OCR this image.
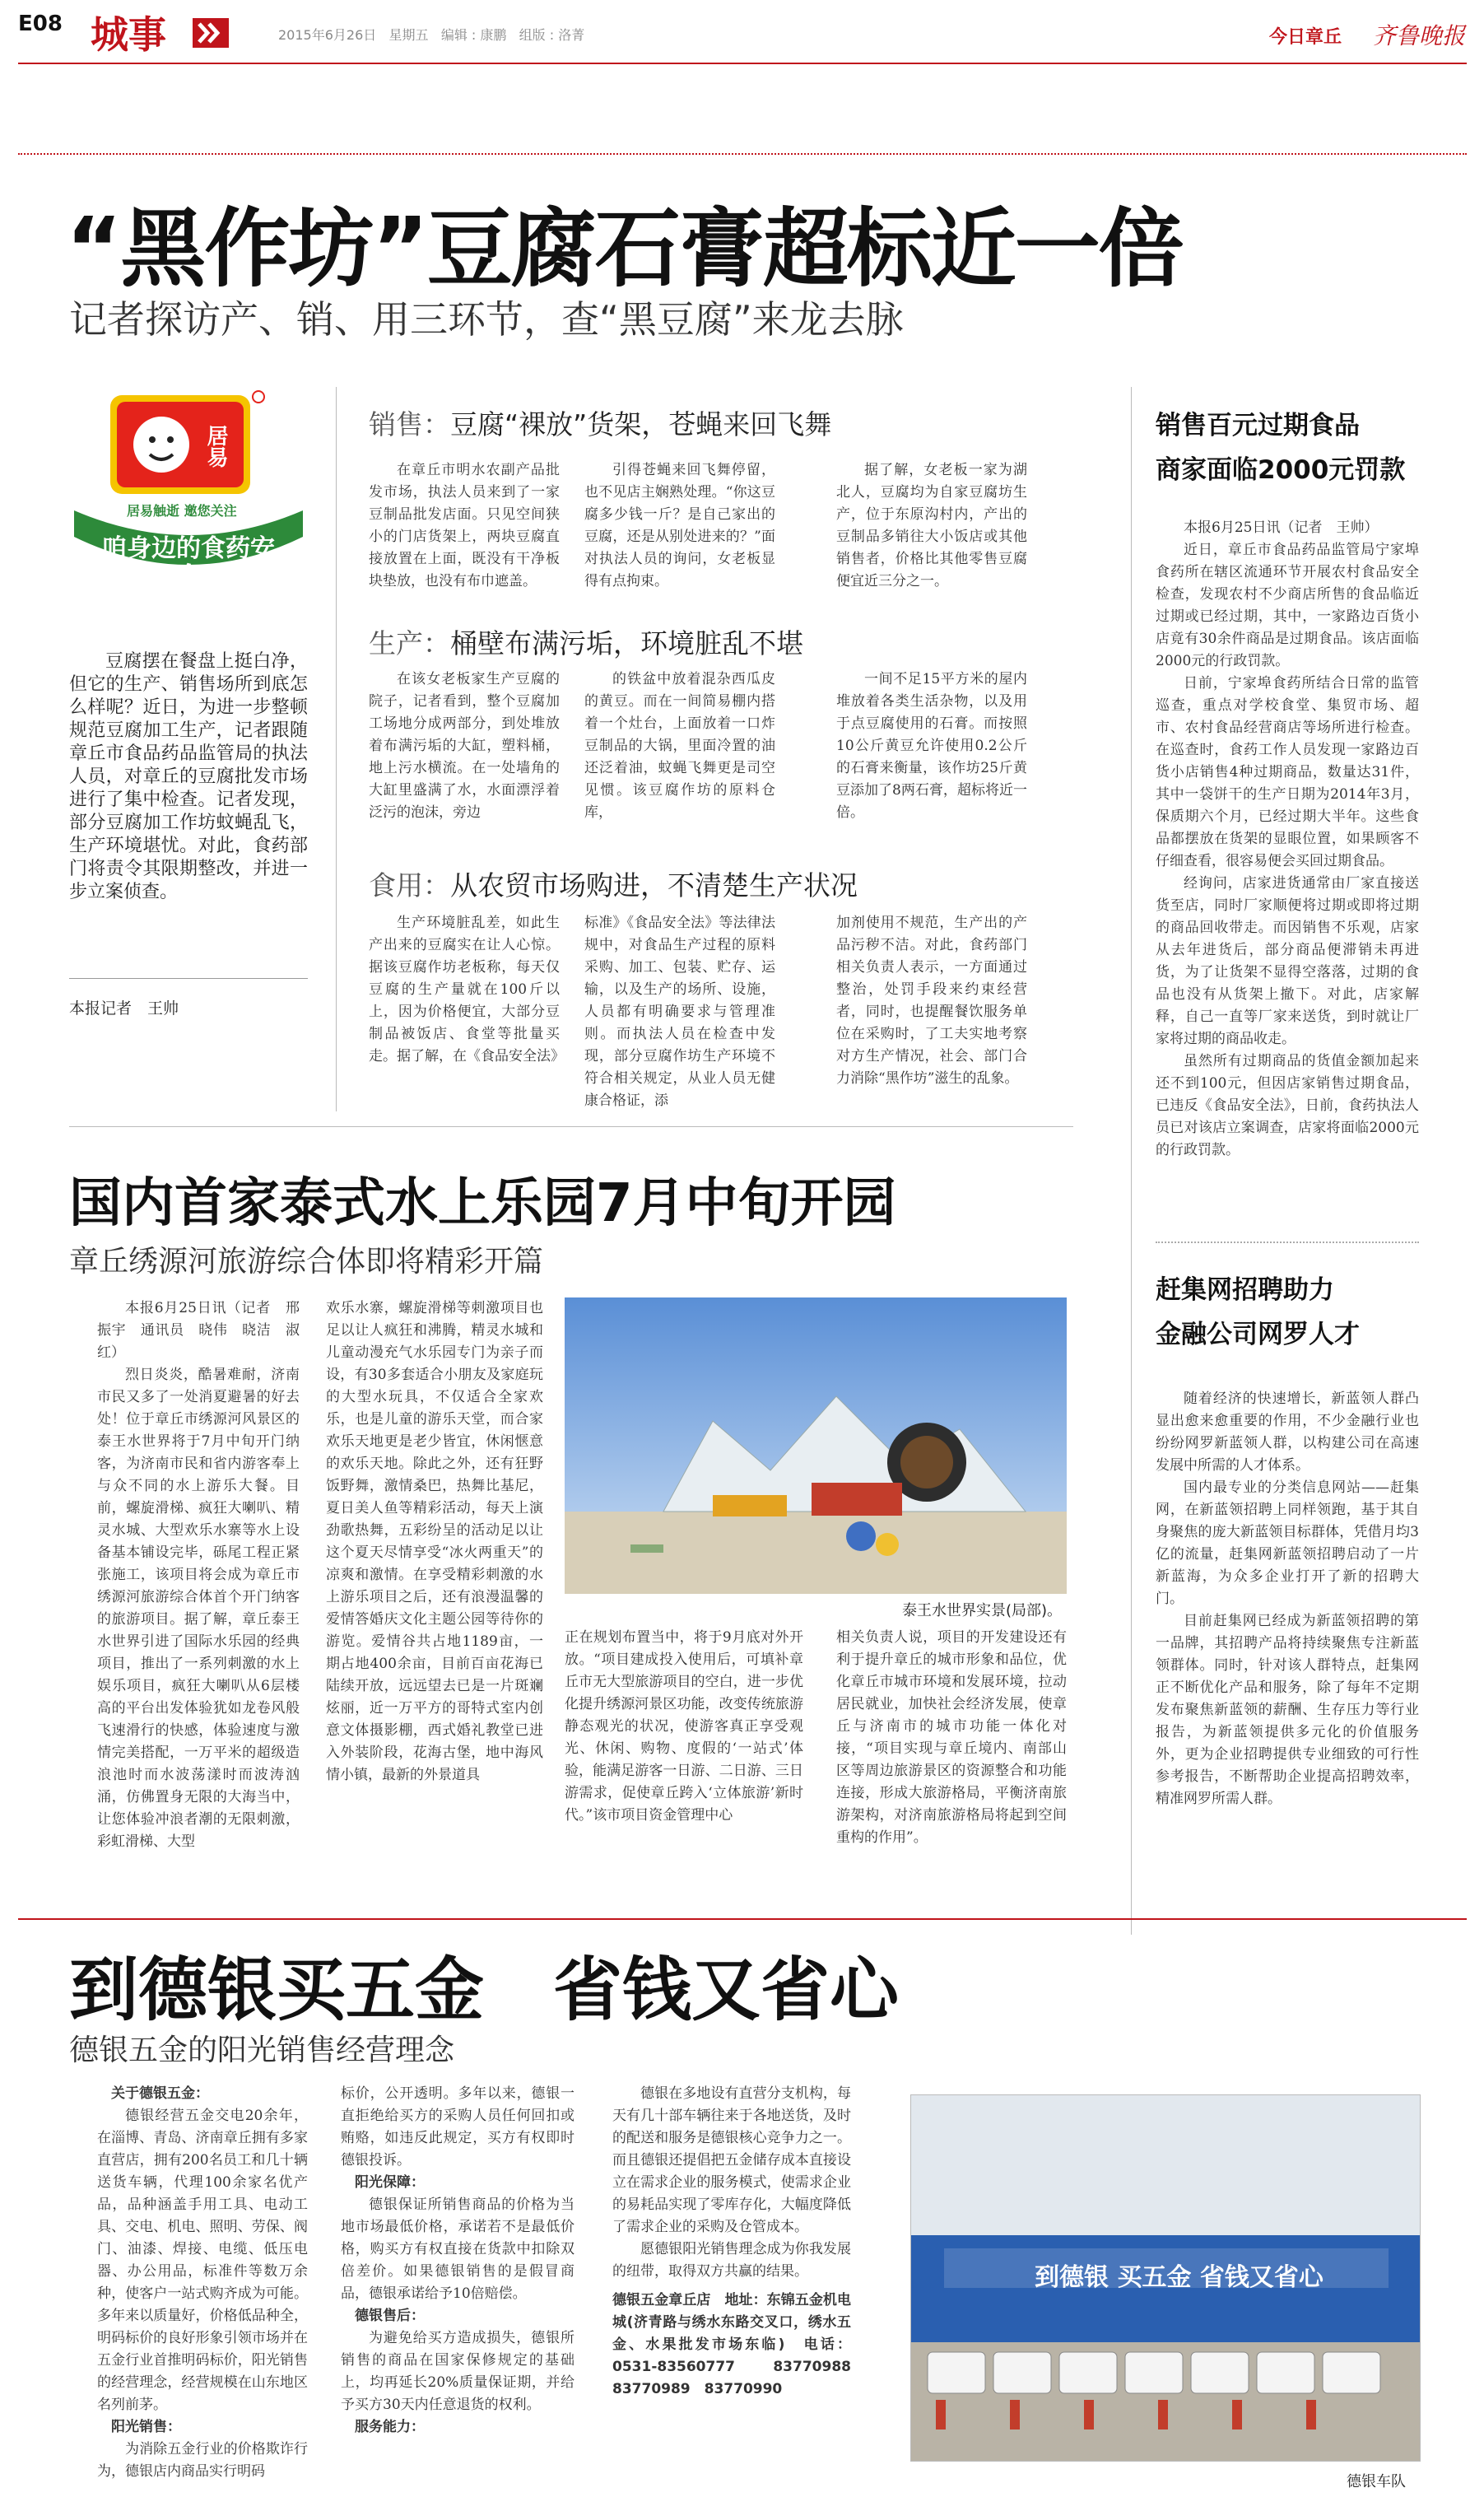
E08 城事	2015年6月26日 星期五 编辑 : 康鹏 组版 : 洛菁	今日章丘 齐鲁晚报
“黑作坊”豆腐石膏超标近一倍
记者探访产、销、用三环节，查“黑豆腐”来龙去脉
居易
居易触逝 邀您关注
咱身边的食药安全
豆腐摆在餐盘上挺白净，但它的生产、销售场所到底怎么样呢？近日，为进一步整顿规范豆腐加工生产，记者跟随章丘市食品药品监管局的执法人员，对章丘的豆腐批发市场进行了集中检查。记者发现，部分豆腐加工作坊蚊蝇乱飞，生产环境堪忧。对此，食药部门将责令其限期整改，并进一步立案侦查。
本报记者　王帅
销售：豆腐“裸放”货架，苍蝇来回飞舞
在章丘市明水农副产品批发市场，执法人员来到了一家豆制品批发店面。只见空间狭小的门店货架上，两块豆腐直接放置在上面，既没有干净板块垫放，也没有布巾遮盖。
引得苍蝇来回飞舞停留，也不见店主娴熟处理。“你这豆腐多少钱一斤？是自己家出的豆腐，还是从别处进来的？”面对执法人员的询问，女老板显得有点拘束。
据了解，女老板一家为湖北人，豆腐均为自家豆腐坊生产，位于东原沟村内，产出的豆制品多销往大小饭店或其他销售者，价格比其他零售豆腐便宜近三分之一。
生产：桶壁布满污垢，环境脏乱不堪
在该女老板家生产豆腐的院子，记者看到，整个豆腐加工场地分成两部分，到处堆放着布满污垢的大缸，塑料桶，地上污水横流。在一处墙角的大缸里盛满了水，水面漂浮着泛污的泡沫，旁边
的铁盆中放着混杂西瓜皮的黄豆。而在一间简易棚内搭着一个灶台，上面放着一口炸豆制品的大锅，里面冷置的油还泛着油，蚊蝇飞舞更是司空见惯。该豆腐作坊的原料仓库，
一间不足15平方米的屋内堆放着各类生活杂物，以及用于点豆腐使用的石膏。而按照10公斤黄豆允许使用0.2公斤的石膏来衡量，该作坊25斤黄豆添加了8两石膏，超标将近一倍。
食用：从农贸市场购进，不清楚生产状况
生产环境脏乱差，如此生产出来的豆腐实在让人心惊。据该豆腐作坊老板称，每天仅豆腐的生产量就在100斤以上，因为价格便宜，大部分豆制品被饭店、食堂等批量买走。据了解，在《食品安全法》
标准》《食品安全法》等法律法规中，对食品生产过程的原料采购、加工、包装、贮存、运输，以及生产的场所、设施，人员都有明确要求与管理准则。而执法人员在检查中发现，部分豆腐作坊生产环境不符合相关规定，从业人员无健康合格证，添
加剂使用不规范，生产出的产品污秽不洁。对此，食药部门相关负责人表示，一方面通过整治，处罚手段来约束经营者，同时，也提醒餐饮服务单位在采购时，了工夫实地考察对方生产情况，社会、部门合力消除“黑作坊”滋生的乱象。
销售百元过期食品
商家面临2000元罚款
本报6月25日讯（记者　王帅）
近日，章丘市食品药品监管局宁家埠食药所在辖区流通环节开展农村食品安全检查，发现农村不少商店所售的食品临近过期或已经过期，其中，一家路边百货小店竟有30余件商品是过期食品。该店面临2000元的行政罚款。
日前，宁家埠食药所结合日常的监管巡查，重点对学校食堂、集贸市场、超市、农村食品经营商店等场所进行检查。在巡查时，食药工作人员发现一家路边百货小店销售4种过期商品，数量达31件，其中一袋饼干的生产日期为2014年3月，保质期六个月，已经过期大半年。这些食品都摆放在货架的显眼位置，如果顾客不仔细查看，很容易便会买回过期食品。
经询问，店家进货通常由厂家直接送货至店，同时厂家顺便将过期或即将过期的商品回收带走。而因销售不乐观，店家从去年进货后，部分商品便滞销未再进货，为了让货架不显得空落落，过期的食品也没有从货架上撤下。对此，店家解释，自己一直等厂家来送货，到时就让厂家将过期的商品收走。
虽然所有过期商品的货值金额加起来还不到100元，但因店家销售过期食品，已违反《食品安全法》，日前，食药执法人员已对该店立案调查，店家将面临2000元的行政罚款。
国内首家泰式水上乐园7月中旬开园
章丘绣源河旅游综合体即将精彩开篇
本报6月25日讯（记者　邢振宇　通讯员　晓伟　晓洁　淑红）
烈日炎炎，酷暑难耐，济南市民又多了一处消夏避暑的好去处！位于章丘市绣源河风景区的泰王水世界将于7月中旬开门纳客，为济南市民和省内游客奉上与众不同的水上游乐大餐。目前，螺旋滑梯、疯狂大喇叭、精灵水城、大型欢乐水寨等水上设备基本铺设完毕，砾尾工程正紧张施工，该项目将会成为章丘市绣源河旅游综合体首个开门纳客的旅游项目。据了解，章丘泰王水世界引进了国际水乐园的经典项目，推出了一系列刺激的水上娱乐项目，疯狂大喇叭从6层楼高的平台出发体验犹如龙卷风般飞速滑行的快感，体验速度与激情完美搭配，一万平米的超级造浪池时而水波荡漾时而波涛汹涌，仿佛置身无限的大海当中，让您体验冲浪者潮的无限刺激，彩虹滑梯、大型
欢乐水寨，螺旋滑梯等刺激项目也足以让人疯狂和沸腾，精灵水城和儿童动漫充气水乐园专门为亲子而设，有30多套适合小朋友及家庭玩的大型水玩具，不仅适合全家欢乐，也是儿童的游乐天堂，而合家欢乐天地更是老少皆宜，休闲惬意的欢乐天地。除此之外，还有狂野饭野舞，激情桑巴，热舞比基尼，夏日美人鱼等精彩活动，每天上演劲歌热舞，五彩纷呈的活动足以让这个夏天尽情享受“冰火两重天”的凉爽和激情。在享受精彩刺激的水上游乐项目之后，还有浪漫温馨的爱情答婚庆文化主题公园等待你的游览。爱情谷共占地1189亩，一期占地400余亩，目前百亩花海已陆续开放，远远望去已是一片斑斓炫丽，近一万平方的哥特式室内创意文体摄影棚，西式婚礼教堂已进入外装阶段，花海古堡，地中海风情小镇，最新的外景道具
泰王水世界实景(局部)。
正在规划布置当中，将于9月底对外开放。“项目建成投入使用后，可填补章丘市无大型旅游项目的空白，进一步优化提升绣源河景区功能，改变传统旅游静态观光的状况，使游客真正享受观光、休闲、购物、度假的‘一站式’体验，能满足游客一日游、二日游、三日游需求，促使章丘跨入‘立体旅游’新时代。”该市项目资金管理中心
相关负责人说，项目的开发建设还有利于提升章丘的城市形象和品位，优化章丘市城市环境和发展环境，拉动居民就业，加快社会经济发展，使章丘与济南市的城市功能一体化对接，“项目实现与章丘境内、南部山区等周边旅游景区的资源整合和功能连接，形成大旅游格局，平衡济南旅游架构，对济南旅游格局将起到空间重构的作用”。
赶集网招聘助力
金融公司网罗人才
随着经济的快速增长，新蓝领人群凸显出愈来愈重要的作用，不少金融行业也纷纷网罗新蓝领人群，以构建公司在高速发展中所需的人才体系。
国内最专业的分类信息网站——赶集网，在新蓝领招聘上同样领跑，基于其自身聚焦的庞大新蓝领目标群体，凭借月均3亿的流量，赶集网新蓝领招聘启动了一片新蓝海，为众多企业打开了新的招聘大门。
目前赶集网已经成为新蓝领招聘的第一品牌，其招聘产品将持续聚焦专注新蓝领群体。同时，针对该人群特点，赶集网正不断优化产品和服务，除了每年不定期发布聚焦新蓝领的薪酬、生存压力等行业报告，为新蓝领提供多元化的价值服务外，更为企业招聘提供专业细致的可行性参考报告，不断帮助企业提高招聘效率，精准网罗所需人群。
到德银买五金　省钱又省心
德银五金的阳光销售经营理念
关于德银五金：
德银经营五金交电20余年，在淄博、青岛、济南章丘拥有多家直营店，拥有200名员工和几十辆送货车辆，代理100余家名优产品，品种涵盖手用工具、电动工具、交电、机电、照明、劳保、阀门、油漆、焊接、电缆、低压电器、办公用品，标准件等数万余种，使客户一站式购齐成为可能。多年来以质量好，价格低品种全，明码标价的良好形象引领市场并在五金行业首推明码标价，阳光销售的经营理念，经营规模在山东地区名列前茅。
阳光销售：
为消除五金行业的价格欺诈行为，德银店内商品实行明码
标价，公开透明。多年以来，德银一直拒绝给买方的采购人员任何回扣或贿赂，如违反此规定，买方有权即时德银投诉。
阳光保障：
德银保证所销售商品的价格为当地市场最低价格，承诺若不是最低价格，购买方有权直接在货款中扣除双倍差价。如果德银销售的是假冒商品，德银承诺给予10倍赔偿。
德银售后：
为避免给买方造成损失，德银所销售的商品在国家保修规定的基础上，均再延长20%质量保证期，并给予买方30天内任意退货的权利。
服务能力：
德银在多地设有直营分支机构，每天有几十部车辆往来于各地送货，及时的配送和服务是德银核心竞争力之一。而且德银还提倡把五金储存成本直接设立在需求企业的服务模式，使需求企业的易耗品实现了零库存化，大幅度降低了需求企业的采购及仓管成本。
愿德银阳光销售理念成为你我发展的纽带，取得双方共赢的结果。
德银五金章丘店　地址：东锦五金机电城(济青路与绣水东路交叉口，绣水五金、水果批发市场东临)　电话：0531-83560777　83770988　83770989　83770990
到德银 买五金 省钱又省心
德银车队
